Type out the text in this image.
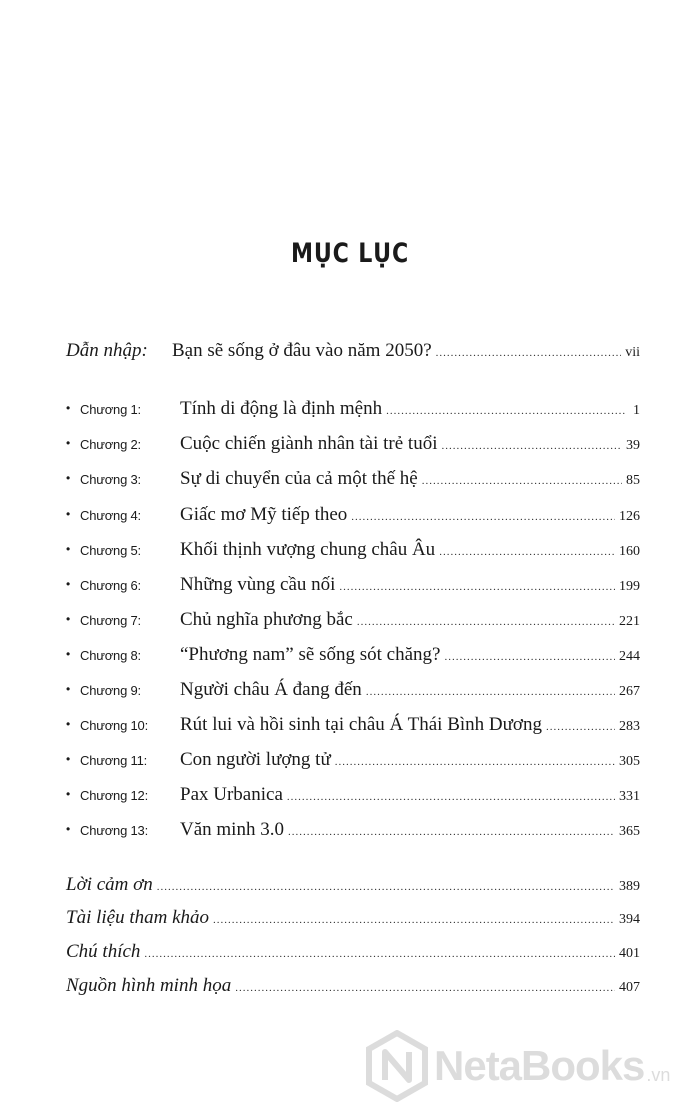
MỤC LỤC
Dẫn nhập:	Bạn sẽ sống ở đâu vào năm 2050? .....	vii
• Chương 1:	Tính di động là định mệnh .....	1
• Chương 2:	Cuộc chiến giành nhân tài trẻ tuổi .....	39
• Chương 3:	Sự di chuyển của cả một thế hệ .....	85
• Chương 4:	Giấc mơ Mỹ tiếp theo .....	126
• Chương 5:	Khối thịnh vượng chung châu Âu .....	160
• Chương 6:	Những vùng cầu nối .....	199
• Chương 7:	Chủ nghĩa phương bắc .....	221
• Chương 8:	“Phương nam” sẽ sống sót chăng? .....	244
• Chương 9:	Người châu Á đang đến .....	267
• Chương 10:	Rút lui và hồi sinh tại châu Á Thái Bình Dương .....	283
• Chương 11:	Con người lượng tử .....	305
• Chương 12:	Pax Urbanica .....	331
• Chương 13:	Văn minh 3.0 .....	365
Lời cảm ơn .....	389
Tài liệu tham khảo .....	394
Chú thích .....	401
Nguồn hình minh họa .....	407
NetaBooks .vn
